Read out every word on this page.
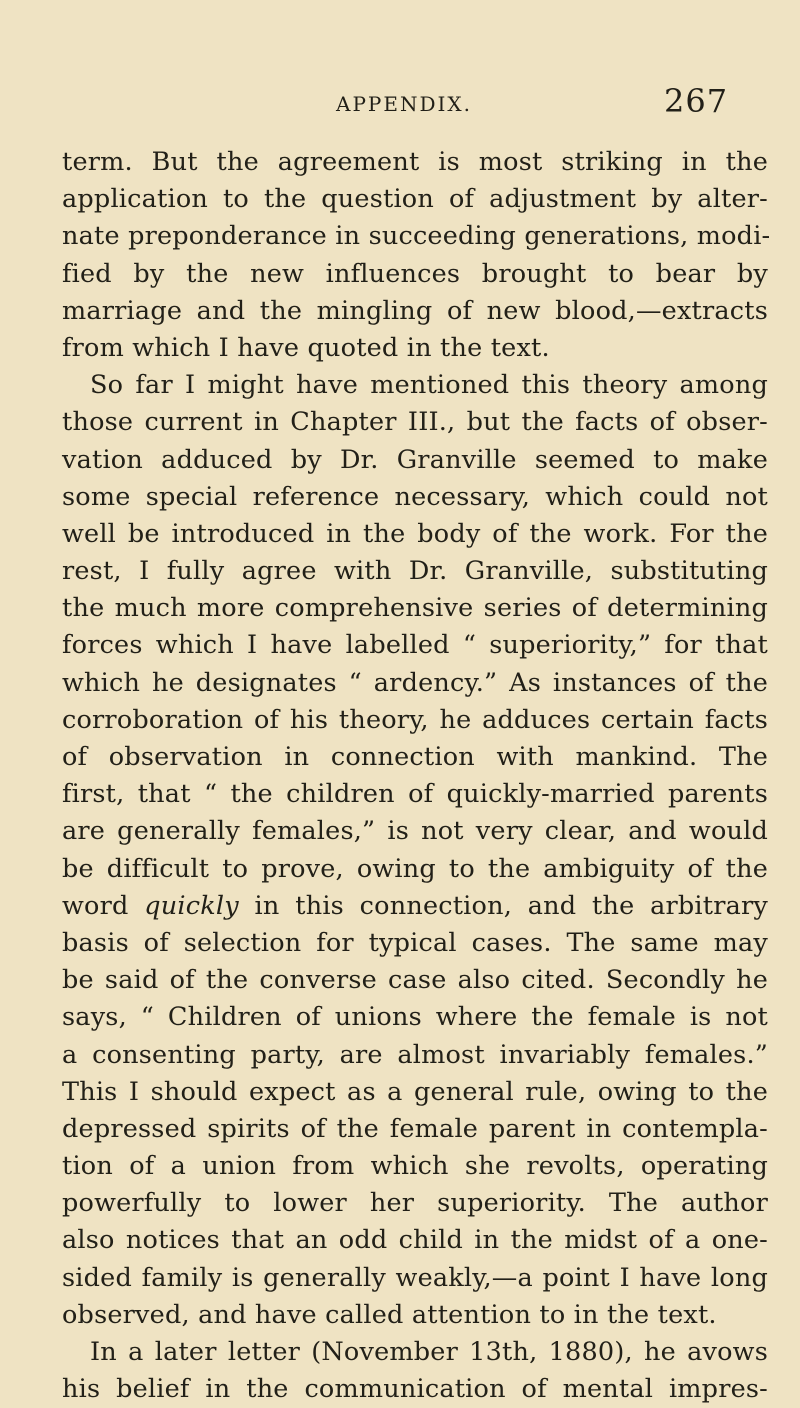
APPENDIX.	267
term. But the agreement is most striking in the
application to the question of adjustment by alter-
nate preponderance in succeeding generations, modi-
fied by the new influences brought to bear by
marriage and the mingling of new blood,—extracts
from which I have quoted in the text.
So far I might have mentioned this theory among
those current in Chapter III., but the facts of obser-
vation adduced by Dr. Granville seemed to make
some special reference necessary, which could not
well be introduced in the body of the work. For the
rest, I fully agree with Dr. Granville, substituting
the much more comprehensive series of determining
forces which I have labelled “ superiority,” for that
which he designates “ ardency.” As instances of the
corroboration of his theory, he adduces certain facts
of observation in connection with mankind. The
first, that “ the children of quickly-married parents
are generally females,” is not very clear, and would
be difficult to prove, owing to the ambiguity of the
word quickly in this connection, and the arbitrary
basis of selection for typical cases. The same may
be said of the converse case also cited. Secondly he
says, “ Children of unions where the female is not
a consenting party, are almost invariably females.”
This I should expect as a general rule, owing to the
depressed spirits of the female parent in contempla-
tion of a union from which she revolts, operating
powerfully to lower her superiority. The author
also notices that an odd child in the midst of a one-
sided family is generally weakly,—a point I have long
observed, and have called attention to in the text.
In a later letter (November 13th, 1880), he avows
his belief in the communication of mental impres-
